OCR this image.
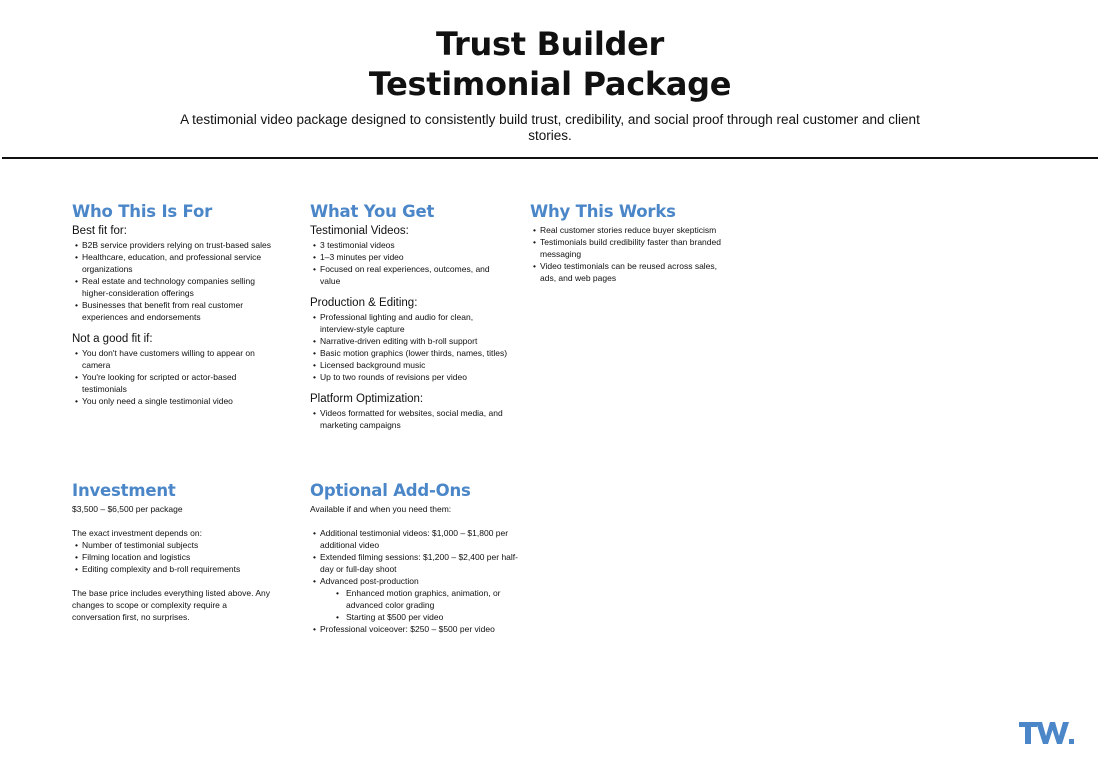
Trust Builder
Testimonial Package
A testimonial video package designed to consistently build trust, credibility, and social proof through real customer and client stories.
Who This Is For
Best fit for:
• B2B service providers relying on trust-based sales
• Healthcare, education, and professional service organizations
• Real estate and technology companies selling higher-consideration offerings
• Businesses that benefit from real customer experiences and endorsements
Not a good fit if:
• You don't have customers willing to appear on camera
• You're looking for scripted or actor-based testimonials
• You only need a single testimonial video
What You Get
Testimonial Videos:
• 3 testimonial videos
• 1–3 minutes per video
• Focused on real experiences, outcomes, and value
Production & Editing:
• Professional lighting and audio for clean, interview-style capture
• Narrative-driven editing with b-roll support
• Basic motion graphics (lower thirds, names, titles)
• Licensed background music
• Up to two rounds of revisions per video
Platform Optimization:
• Videos formatted for websites, social media, and marketing campaigns
Why This Works
• Real customer stories reduce buyer skepticism
• Testimonials build credibility faster than branded messaging
• Video testimonials can be reused across sales, ads, and web pages
Investment

$3,500 – $6,500 per package

The exact investment depends on:

• Number of testimonial subjects
• Filming location and logistics
• Editing complexity and b-roll requirements

The base price includes everything listed above. Any changes to scope or complexity require a conversation first, no surprises.

Optional Add-Ons

Available if and when you need them:

• Additional testimonial videos: $1,000 – $1,800 per additional video
• Extended filming sessions: $1,200 – $2,400 per half-day or full-day shoot
• Advanced post-production
• Enhanced motion graphics, animation, or advanced color grading
• Starting at $500 per video
• Professional voiceover: $250 – $500 per video
